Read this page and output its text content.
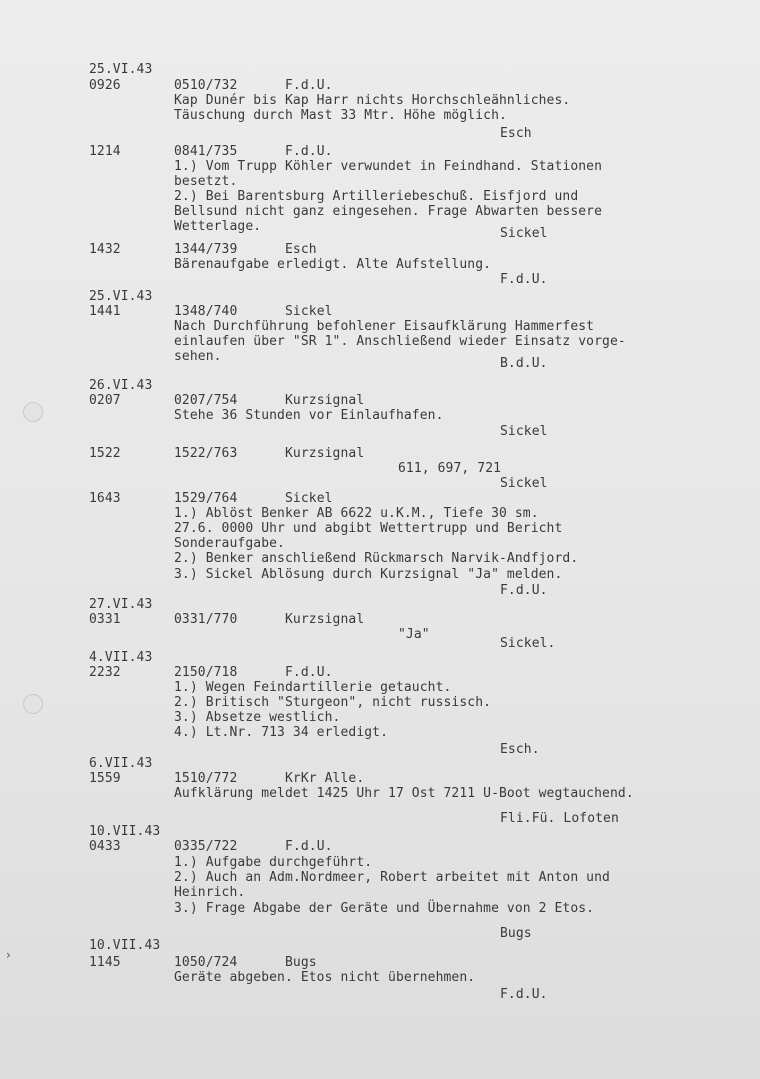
›
25.VI.43
0926	0510/732	F.d.U.
Kap Dunér bis Kap Harr nichts Horchschleähnliches.
Täuschung durch Mast 33 Mtr. Höhe möglich.
Esch
1214	0841/735	F.d.U.
1.) Vom Trupp Köhler verwundet in Feindhand. Stationen
besetzt.
2.) Bei Barentsburg Artilleriebeschuß. Eisfjord und
Bellsund nicht ganz eingesehen. Frage Abwarten bessere
Wetterlage.	Sickel
1432	1344/739	Esch
Bärenaufgabe erledigt. Alte Aufstellung.
F.d.U.
25.VI.43
1441	1348/740	Sickel
Nach Durchführung befohlener Eisaufklärung Hammerfest
einlaufen über "SR 1". Anschließend wieder Einsatz vorge-
sehen.	B.d.U.
26.VI.43
0207	0207/754	Kurzsignal
Stehe 36 Stunden vor Einlaufhafen.
Sickel
1522	1522/763	Kurzsignal
611, 697, 721
Sickel
1643	1529/764	Sickel
1.) Ablöst Benker AB 6622 u.K.M., Tiefe 30 sm.
27.6. 0000 Uhr und abgibt Wettertrupp und Bericht
Sonderaufgabe.
2.) Benker anschließend Rückmarsch Narvik-Andfjord.
3.) Sickel Ablösung durch Kurzsignal "Ja" melden.
F.d.U.
27.VI.43
0331	0331/770	Kurzsignal
"Ja"
Sickel.
4.VII.43
2232	2150/718	F.d.U.
1.) Wegen Feindartillerie getaucht.
2.) Britisch "Sturgeon", nicht russisch.
3.) Absetze westlich.
4.) Lt.Nr. 713 34 erledigt.
Esch.
6.VII.43
1559	1510/772	KrKr Alle.
Aufklärung meldet 1425 Uhr 17 Ost 7211 U-Boot wegtauchend.
Fli.Fü. Lofoten
10.VII.43
0433	0335/722	F.d.U.
1.) Aufgabe durchgeführt.
2.) Auch an Adm.Nordmeer, Robert arbeitet mit Anton und
Heinrich.
3.) Frage Abgabe der Geräte und Übernahme von 2 Etos.
Bugs
10.VII.43
1145	1050/724	Bugs
Geräte abgeben. Etos nicht übernehmen.
F.d.U.
